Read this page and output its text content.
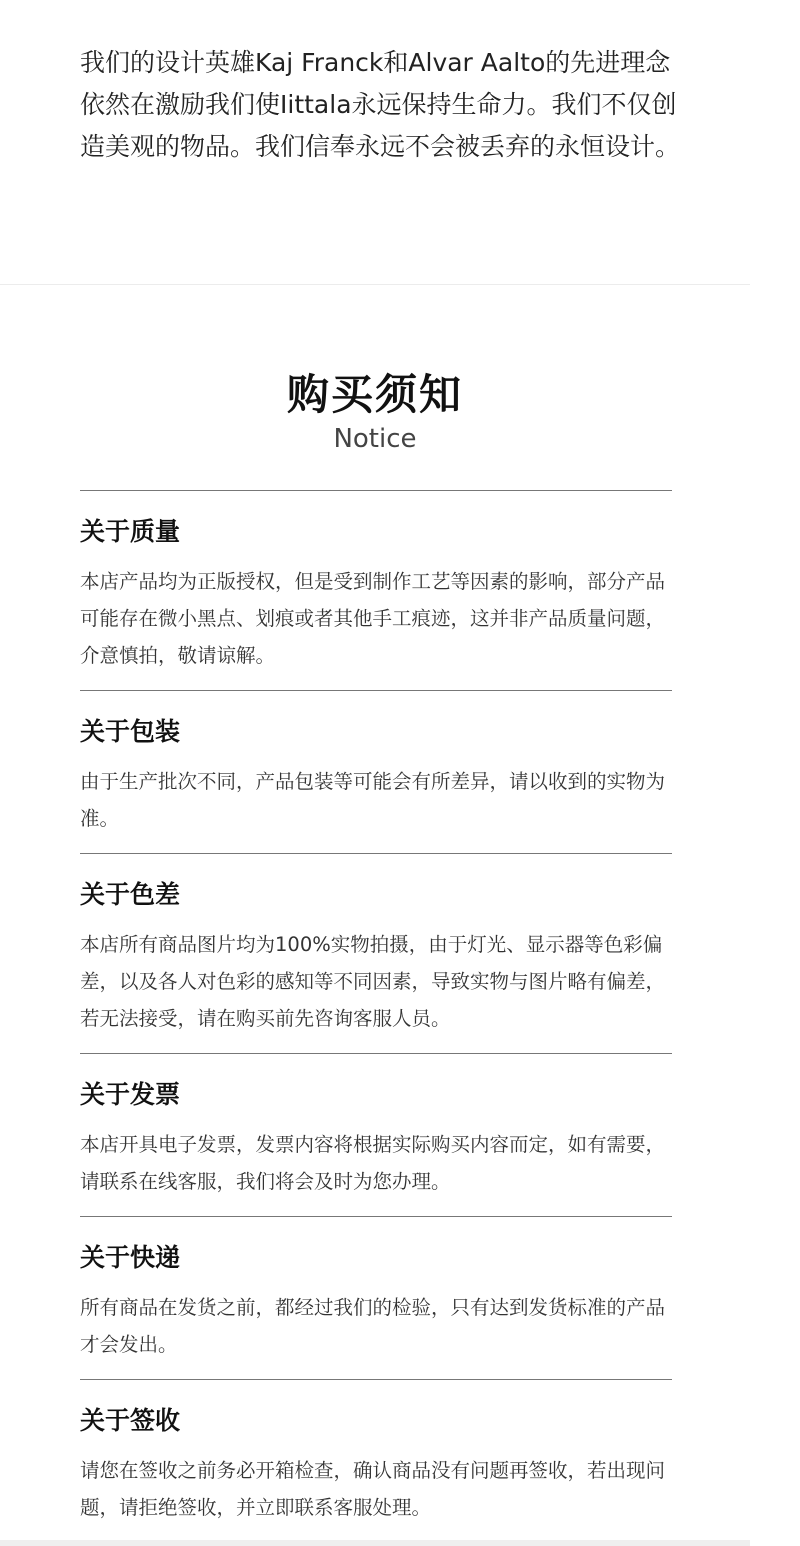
我们的设计英雄Kaj Franck和Alvar Aalto的先进理念依然在激励我们使Iittala永远保持生命力。我们不仅创造美观的物品。我们信奉永远不会被丢弃的永恒设计。

购买须知
Notice
关于质量

本店产品均为正版授权，但是受到制作工艺等因素的影响，部分产品可能存在微小黑点、划痕或者其他手工痕迹，这并非产品质量问题，介意慎拍，敬请谅解。

关于包装

由于生产批次不同，产品包装等可能会有所差异，请以收到的实物为准。

关于色差

本店所有商品图片均为100%实物拍摄，由于灯光、显示器等色彩偏差，以及各人对色彩的感知等不同因素，导致实物与图片略有偏差，若无法接受，请在购买前先咨询客服人员。

关于发票

本店开具电子发票，发票内容将根据实际购买内容而定，如有需要，请联系在线客服，我们将会及时为您办理。

关于快递

所有商品在发货之前，都经过我们的检验，只有达到发货标准的产品才会发出。

关于签收

请您在签收之前务必开箱检查，确认商品没有问题再签收，若出现问题，请拒绝签收，并立即联系客服处理。
